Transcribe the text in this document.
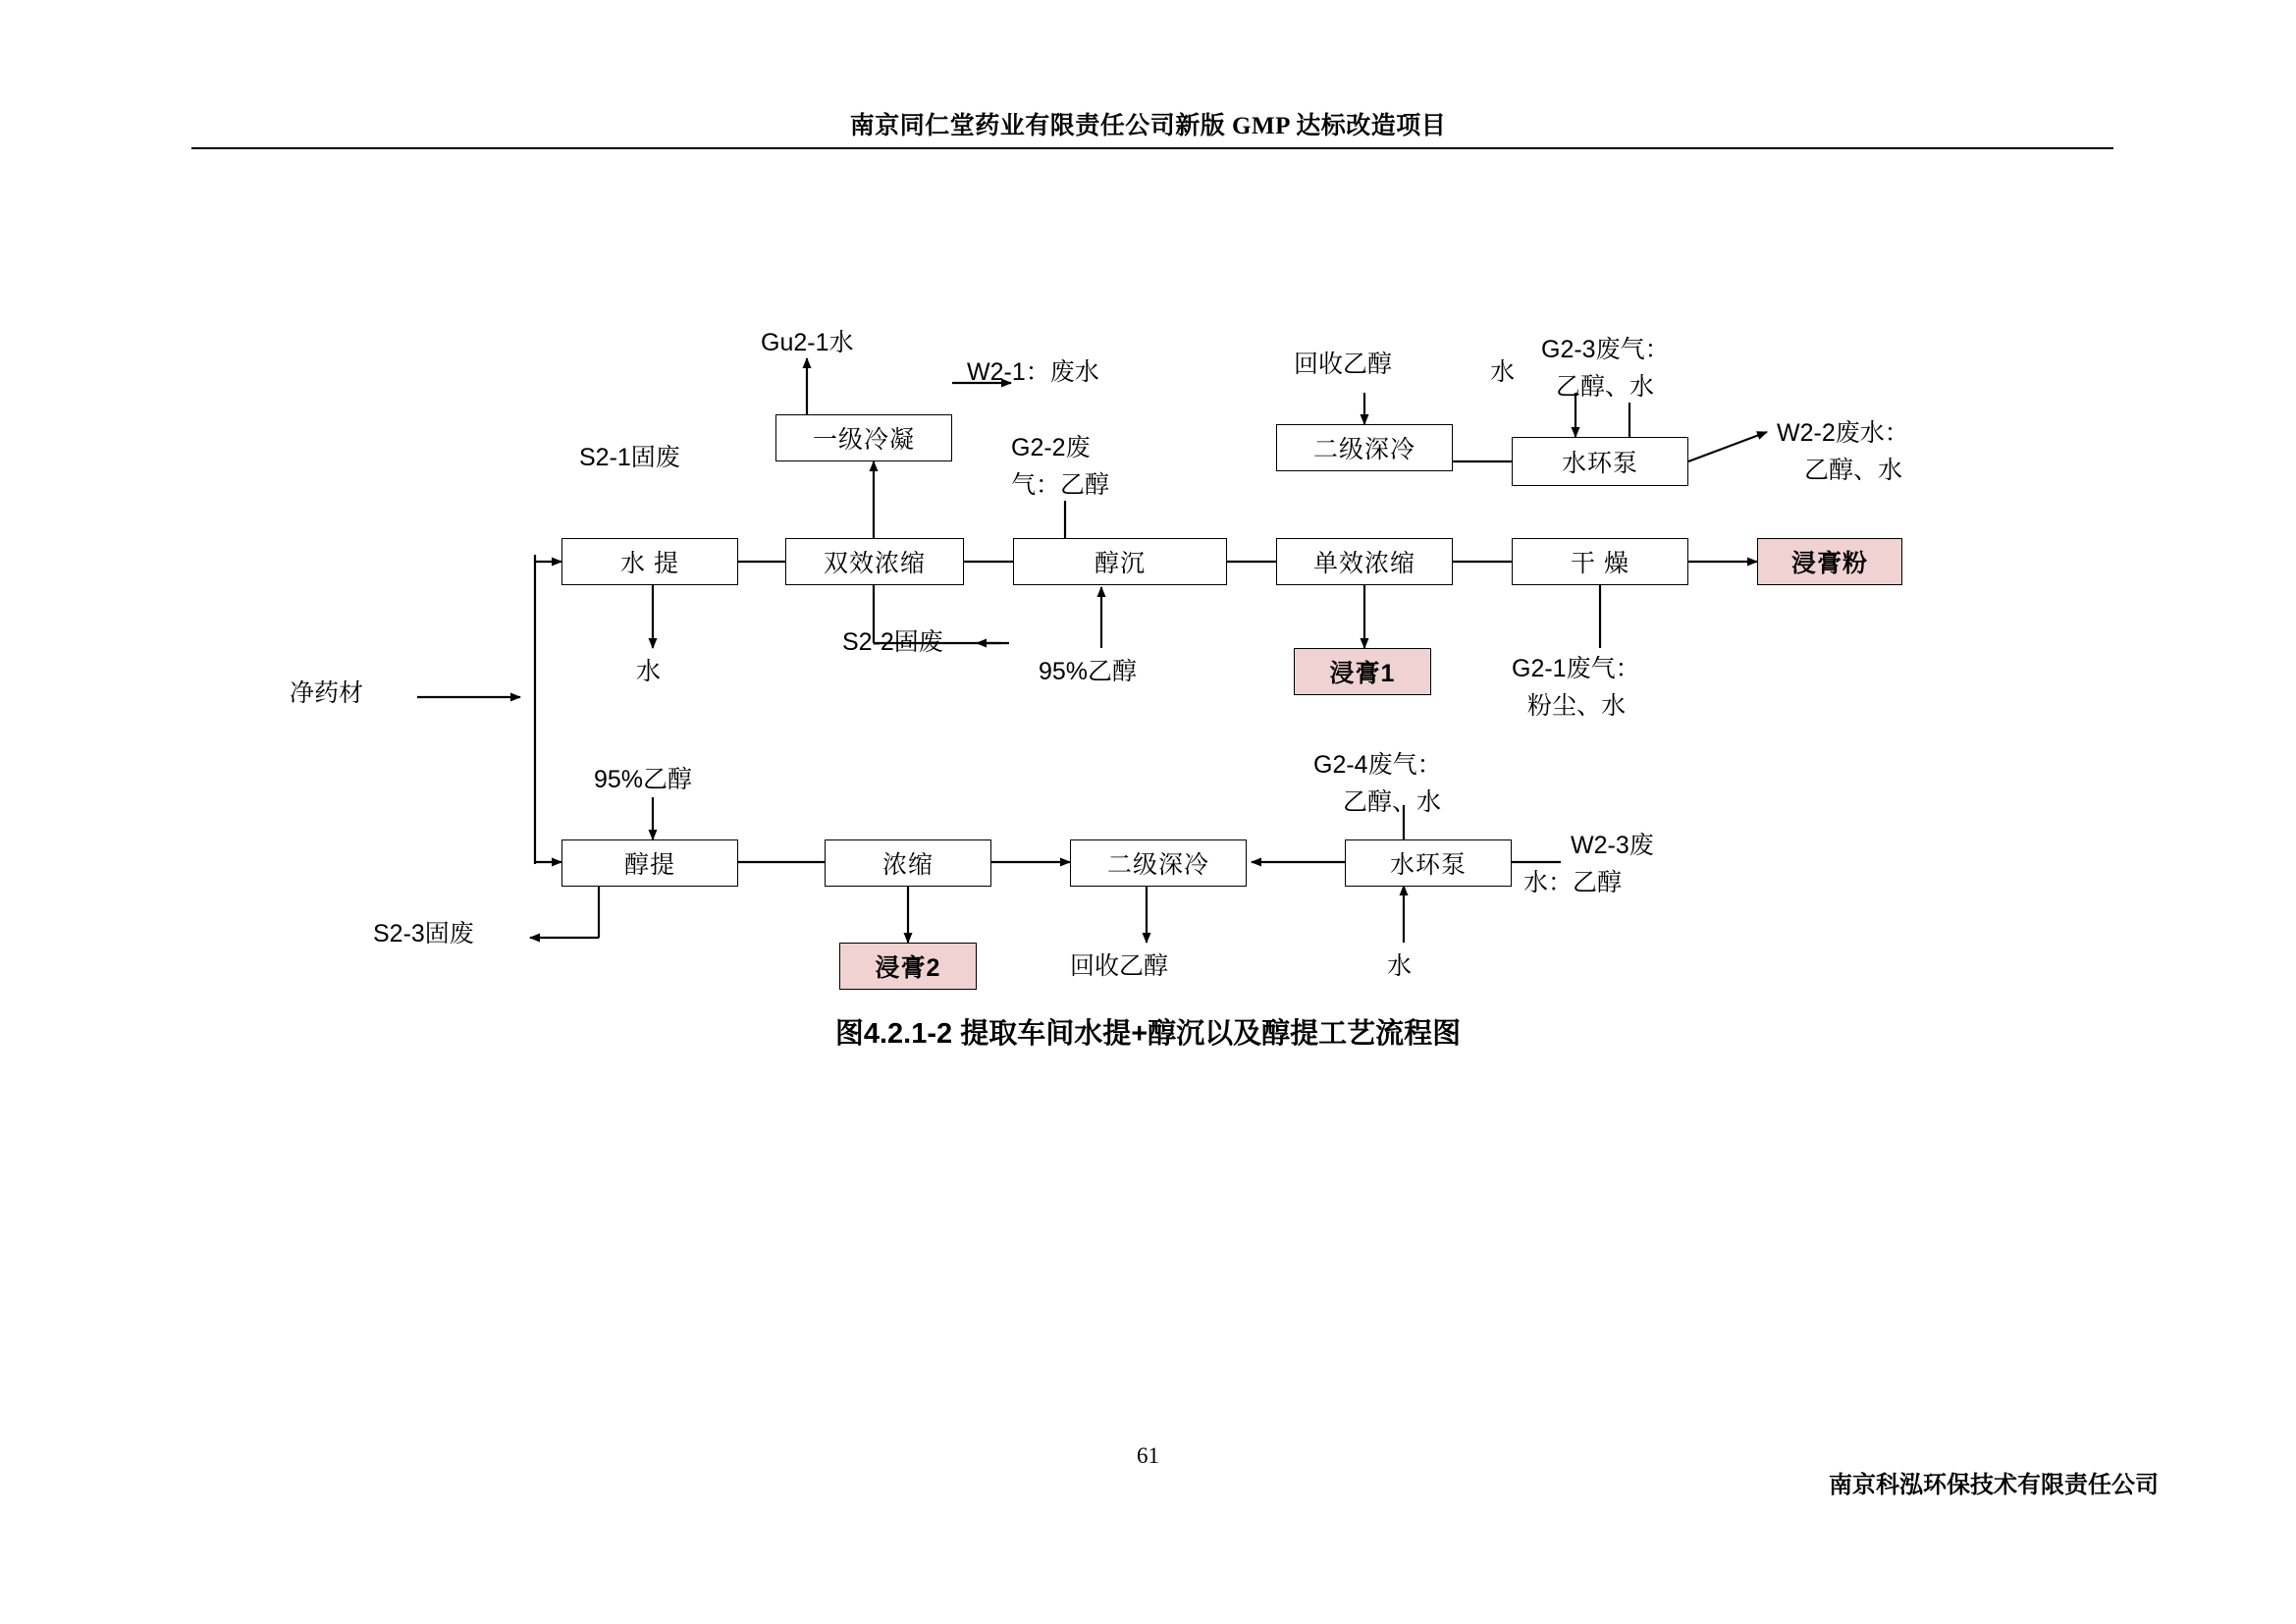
南京同仁堂药业有限责任公司新版 GMP 达标改造项目
水 提	双效浓缩	醇沉	单效浓缩	干 燥
一级冷凝	二级深冷	水环泵
醇提	浓缩	二级深冷	水环泵
浸膏粉
浸膏1
浸膏2
净药材
Gu2-1水
W2-1：废水
S2-1固废	G2-2废
气：乙醇
回收乙醇	水
G2-3废气：
乙醇、水
W2-2废水：
乙醇、水
水
S2-2固废
95%乙醇	G2-1废气：
粉尘、水
95%乙醇
S2-3固废
G2-4废气：
乙醇、水
W2-3废
水：乙醇
回收乙醇	水
图4.2.1-2 提取车间水提+醇沉以及醇提工艺流程图
61
南京科泓环保技术有限责任公司
